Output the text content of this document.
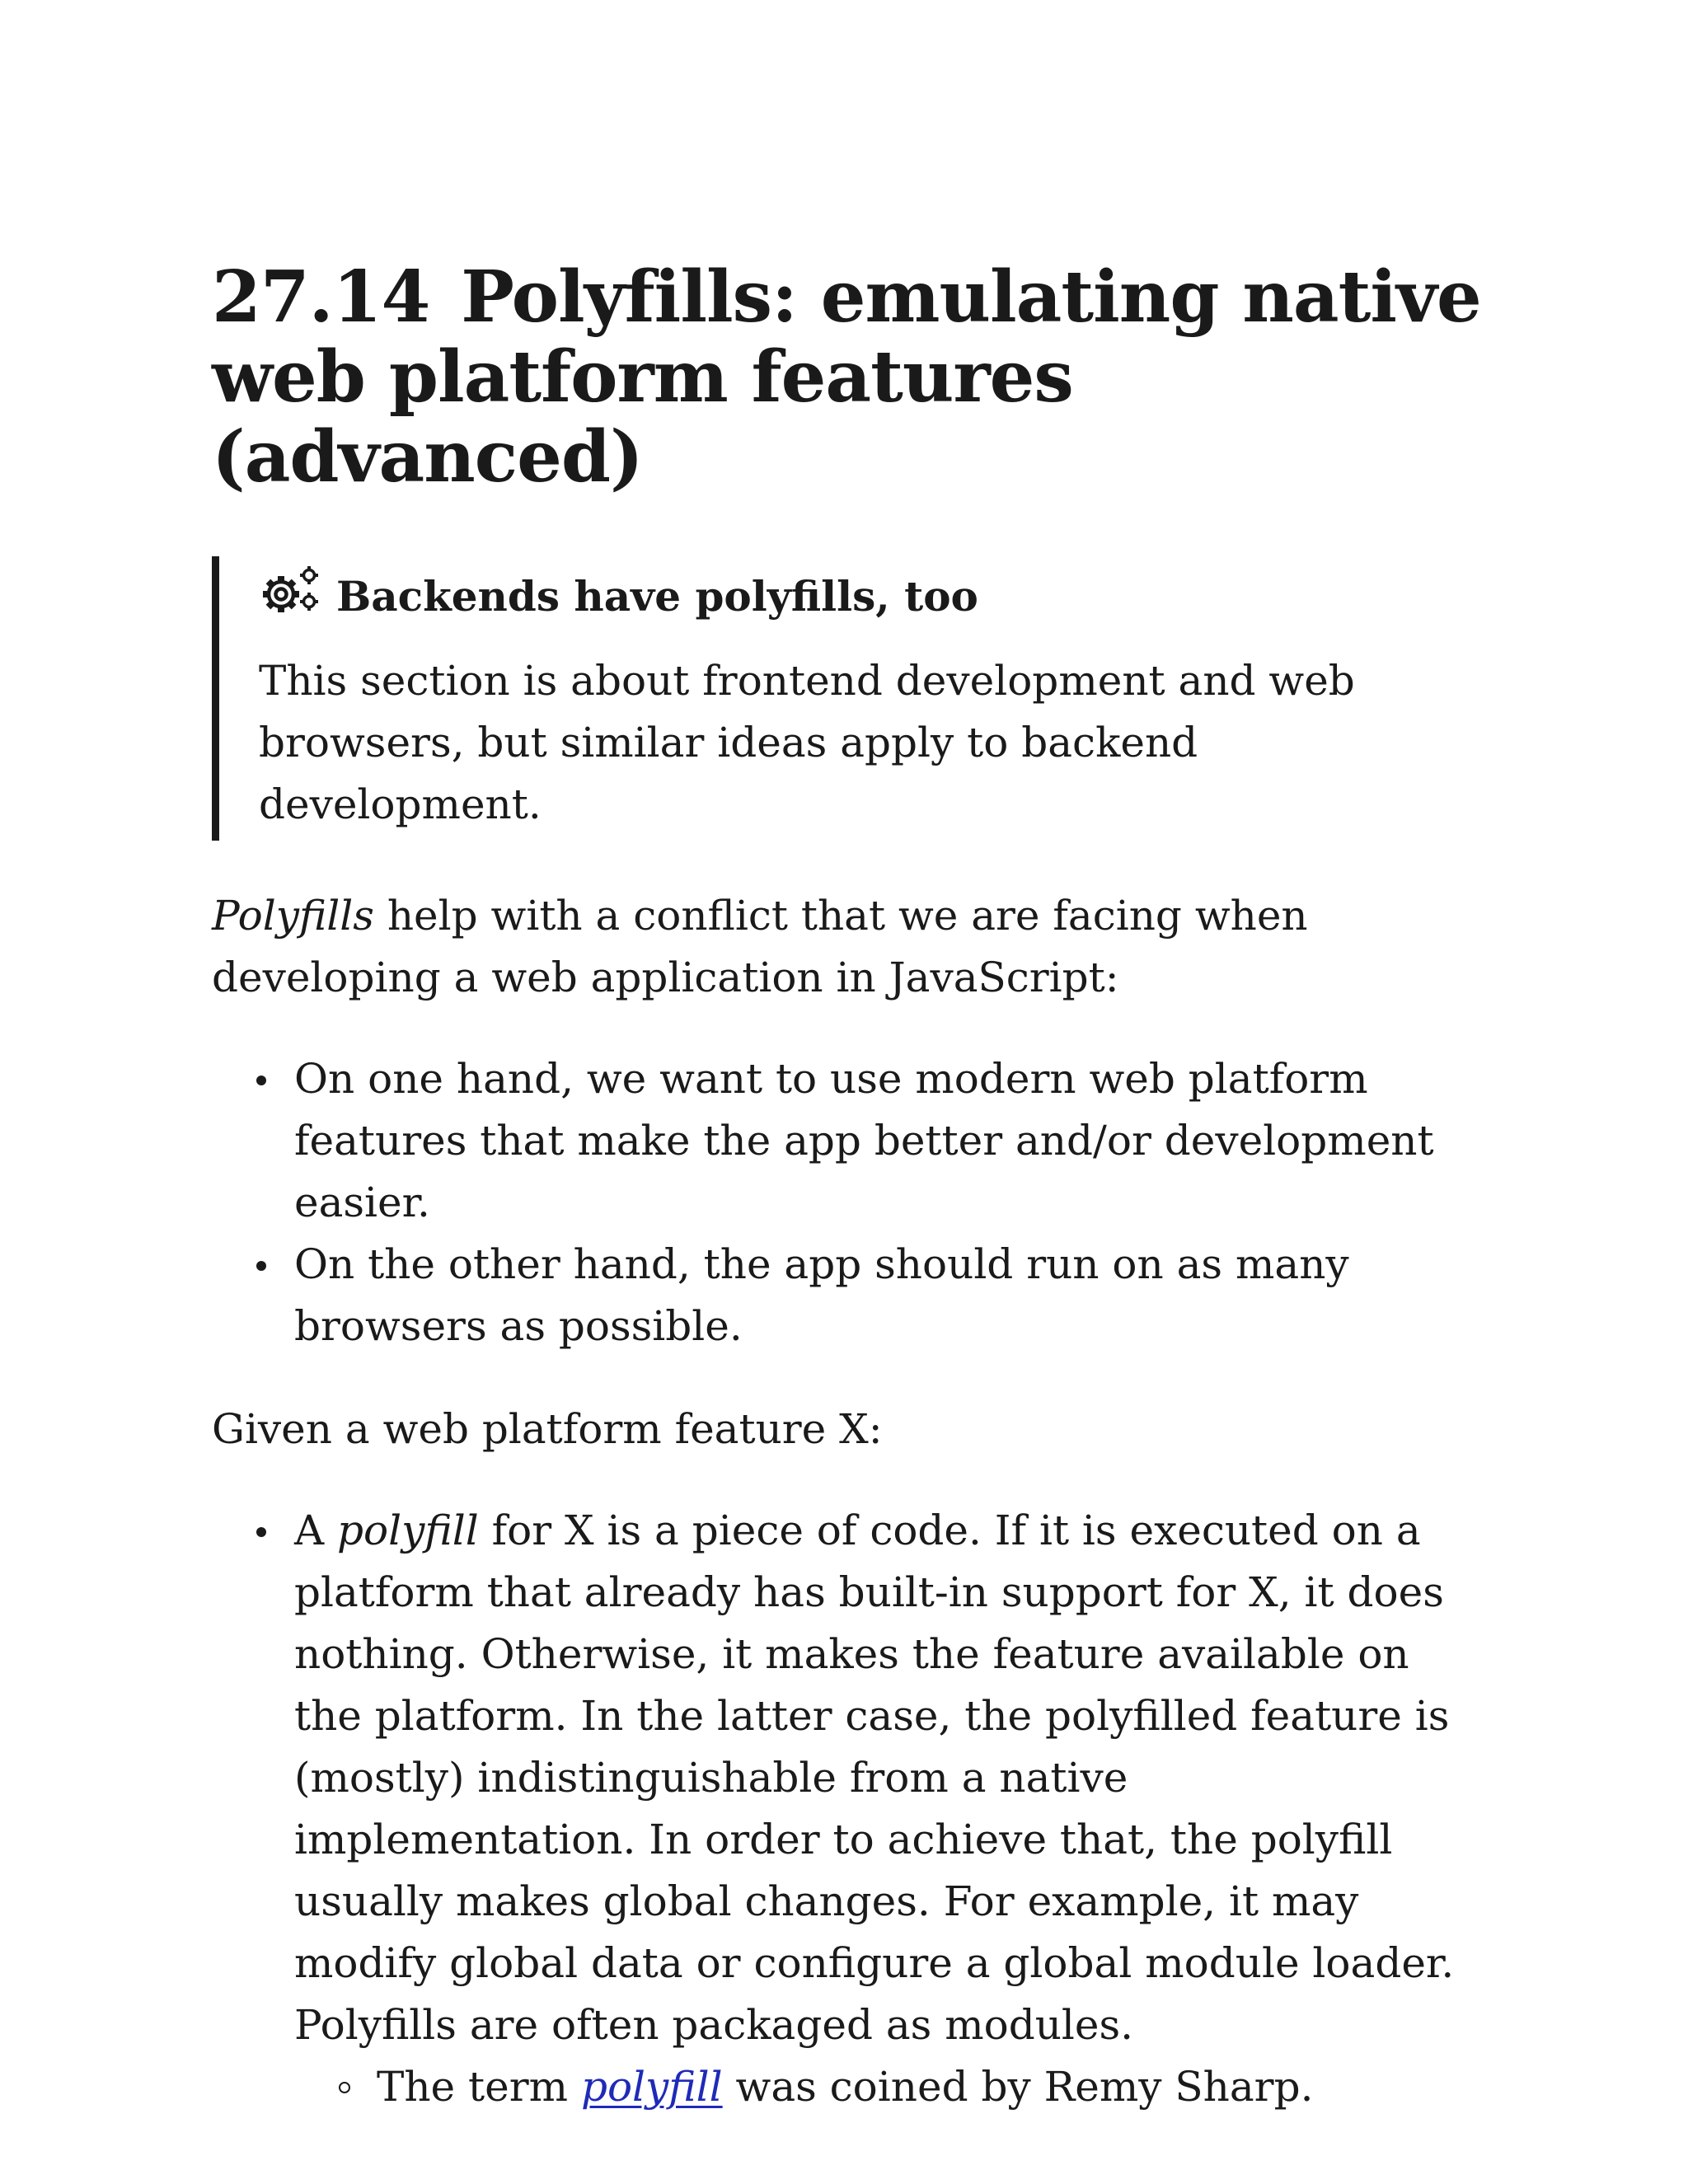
27.14 Polyfills: emulating native web platform features (advanced)
Backends have polyfills, too

This section is about frontend development and web browsers, but similar ideas apply to backend development.

Polyfills help with a conflict that we are facing when developing a web application in JavaScript:

On one hand, we want to use modern web platform features that make the app better and/or development easier.
On the other hand, the app should run on as many browsers as possible.

Given a web platform feature X:

A polyfill for X is a piece of code. If it is executed on a platform that already has built-in support for X, it does nothing. Otherwise, it makes the feature available on the platform. In the latter case, the polyfilled feature is (mostly) indistinguishable from a native implementation. In order to achieve that, the polyfill usually makes global changes. For example, it may modify global data or configure a global module loader. Polyfills are often packaged as modules.
The term polyfill was coined by Remy Sharp.
